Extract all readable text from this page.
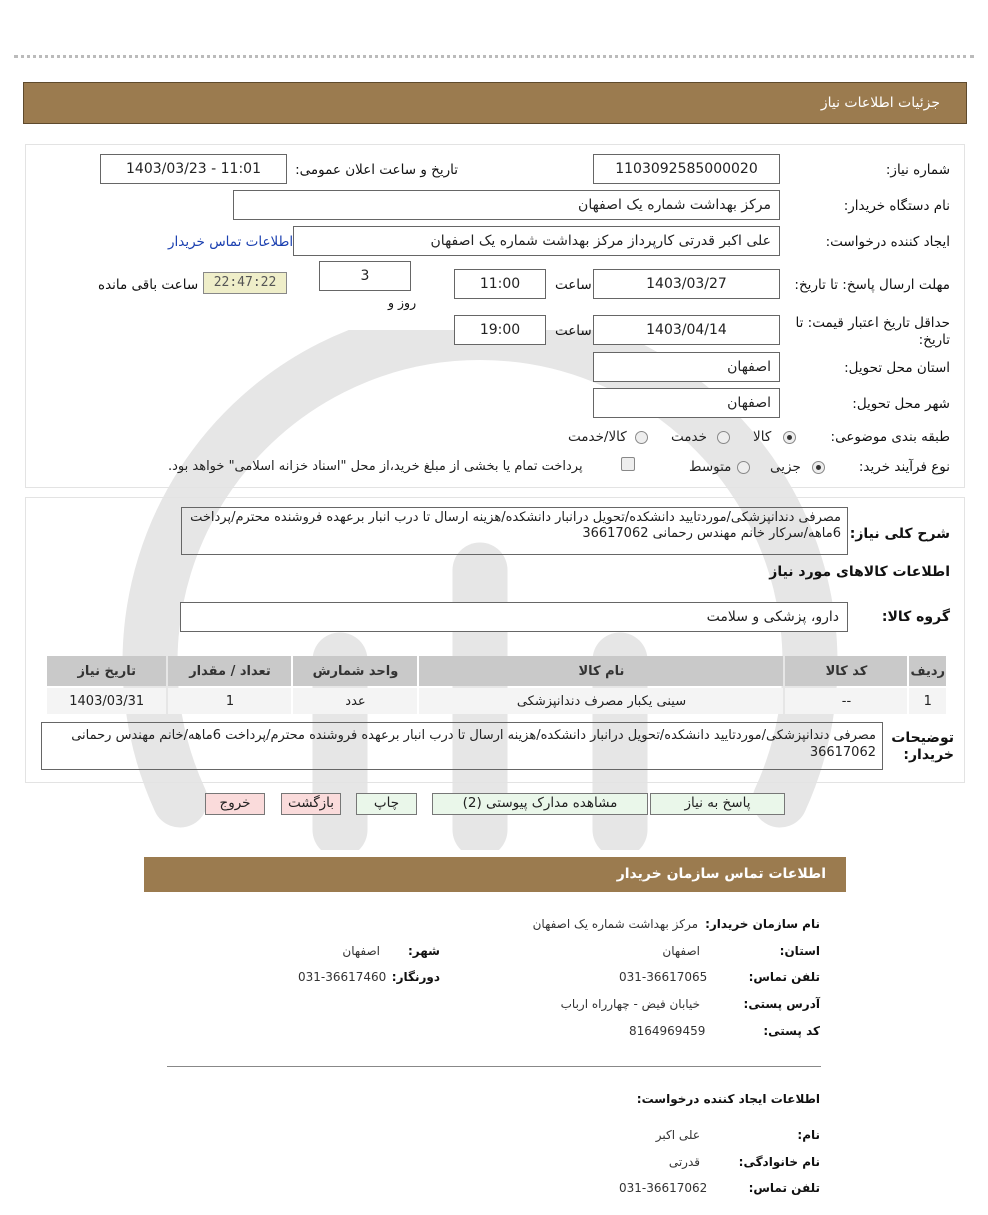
جزئیات اطلاعات نیاز
شماره نیاز:
1103092585000020
تاریخ و ساعت اعلان عمومی:
1403/03/23 - 11:01
نام دستگاه خریدار:
مرکز بهداشت شماره یک اصفهان
ایجاد کننده درخواست:
علی اکبر قدرتی کارپرداز مرکز بهداشت شماره یک اصفهان
اطلاعات تماس خریدار
مهلت ارسال پاسخ: تا تاریخ:
1403/03/27
ساعت
11:00
3
روز و
22:47:22
ساعت باقی مانده
حداقل تاریخ اعتبار قیمت: تا تاریخ:
1403/04/14
ساعت
19:00
استان محل تحویل:
اصفهان
شهر محل تحویل:
اصفهان
طبقه بندی موضوعی:
کالا
خدمت
کالا/خدمت
نوع فرآیند خرید:
جزیی
متوسط
پرداخت تمام یا بخشی از مبلغ خرید،از محل "اسناد خزانه اسلامی" خواهد بود.
شرح کلی نیاز:
مصرفی دندانپزشکی/موردتایید دانشکده/تحویل درانبار دانشکده/هزینه ارسال تا درب انبار برعهده فروشنده محترم/پرداخت 6ماهه/سرکار خانم مهندس رحمانی 36617062
اطلاعات کالاهای مورد نیاز
گروه کالا:
دارو، پزشکی و سلامت
ردیف	کد کالا	نام کالا	واحد شمارش	تعداد / مقدار	تاریخ نیاز
1	--	سینی یکبار مصرف دندانپزشکی	عدد	1	1403/03/31
توضیحات خریدار:
مصرفی دندانپزشکی/موردتایید دانشکده/تحویل درانبار دانشکده/هزینه ارسال تا درب انبار برعهده فروشنده محترم/پرداخت 6ماهه/خانم مهندس رحمانی 36617062
پاسخ به نیاز
مشاهده مدارک پیوستی (2)
چاپ
بازگشت
خروج
اطلاعات تماس سازمان خریدار
نام سازمان خریدار:
مرکز بهداشت شماره یک اصفهان
استان:
اصفهان
شهر:
اصفهان
تلفن تماس:
031-36617065
دورنگار:
031-36617460
آدرس پستی:
خیابان فیض - چهارراه ارباب
کد پستی:
8164969459
اطلاعات ایجاد کننده درخواست:
نام:
علی اکبر
نام خانوادگی:
قدرتی
تلفن تماس:
031-36617062
